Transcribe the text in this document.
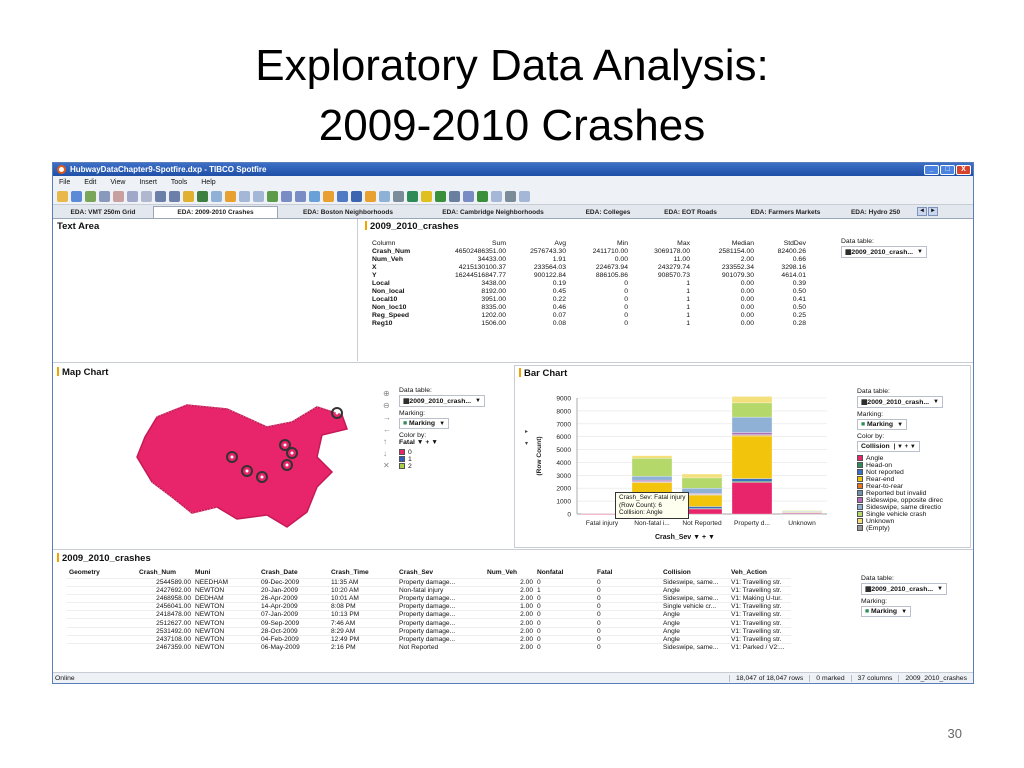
Exploratory Data Analysis:
2009-2010 Crashes
HubwayDataChapter9-Spotfire.dxp - TIBCO Spotfire	_	□	X
File Edit View Insert Tools Help
EDA: VMT 250m Grid	EDA: 2009-2010 Crashes	EDA: Boston Neighborhoods	EDA: Cambridge Neighborhoods	EDA: Colleges	EDA: EOT Roads	EDA: Farmers Markets	EDA: Hydro 250	◄ ►
Text Area	2009_2010_crashes
Column	Sum	Avg	Min	Max	Median	StdDev
Crash_Num	46502486351.00	2576743.30	2411710.00	3069178.00	2581154.00	82400.26
Num_Veh	34433.00	1.91	0.00	11.00	2.00	0.66
X	4215130100.37	233564.03	224673.94	243279.74	233552.34	3298.16
Y	16244516847.77	900122.84	886105.86	908570.73	901079.30	4614.01
Local	3438.00	0.19	0	1	0.00	0.39
Non_local	8192.00	0.45	0	1	0.00	0.50
Local10	3951.00	0.22	0	1	0.00	0.41
Non_loc10	8335.00	0.46	0	1	0.00	0.50
Reg_Speed	1202.00	0.07	0	1	0.00	0.25
Reg10	1506.00	0.08	0	1	0.00	0.28
Data table:
▦ 2009_2010_crash... ▼
Map Chart
⊕
⊖
→
←
↑
↓
✕
Data table:
▦ 2009_2010_crash... ▼
Marking:
■
Marking ▼
Color by:
Fatal ▼ + ▼
0
1
2
Bar Chart
▸
▾
0
1000
2000
3000
4000
5000
6000
7000
8000
9000
(Row Count)
Fatal injury Non-fatal i... Not Reported Property d...	Unknown
Crash_Sev: Fatal injury
(Row Count): 6
Collision: Angle
Crash_Sev ▼ + ▼
Data table:
▦ 2009_2010_crash... ▼
Marking:
■
Marking ▼
Color by:
Collision | ▼ + ▼
Angle
Head-on
Not reported
Rear-end
Rear-to-rear
Reported but invalid
Sideswipe, opposite direc
Sideswipe, same directio
Single vehicle crash
Unknown
(Empty)
2009_2010_crashes
Geometry	Crash_Num	Muni	Crash_Date	Crash_Time	Crash_Sev	Num_Veh	Nonfatal	Fatal	Collision	Veh_Action
	2544589.00	NEEDHAM	09-Dec-2009	11:35 AM	Property damage...	2.00	0	0	Sideswipe, same...	V1: Travelling str.
	2427692.00	NEWTON	20-Jan-2009	10:20 AM	Non-fatal injury	2.00	1	0	Angle	V1: Travelling str.
	2468958.00	DEDHAM	26-Apr-2009	10:01 AM	Property damage...	2.00	0	0	Sideswipe, same...	V1: Making U-tur.
	2456041.00	NEWTON	14-Apr-2009	8:08 PM	Property damage...	1.00	0	0	Single vehicle cr...	V1: Travelling str.
	2418478.00	NEWTON	07-Jan-2009	10:13 PM	Property damage...	2.00	0	0	Angle	V1: Travelling str.
	2512627.00	NEWTON	09-Sep-2009	7:46 AM	Property damage...	2.00	0	0	Angle	V1: Travelling str.
	2531492.00	NEWTON	28-Oct-2009	8:29 AM	Property damage...	2.00	0	0	Angle	V1: Travelling str.
	2437108.00	NEWTON	04-Feb-2009	12:49 PM	Property damage...	2.00	0	0	Angle	V1: Travelling str.
	2467359.00	NEWTON	06-May-2009	2:16 PM	Not Reported	2.00	0	0	Sideswipe, same...	V1: Parked / V2:...
Data table:
▦ 2009_2010_crash... ▼
Marking:
■
Marking ▼
Online	18,047 of 18,047 rows	0 marked	37 columns	2009_2010_crashes
30
